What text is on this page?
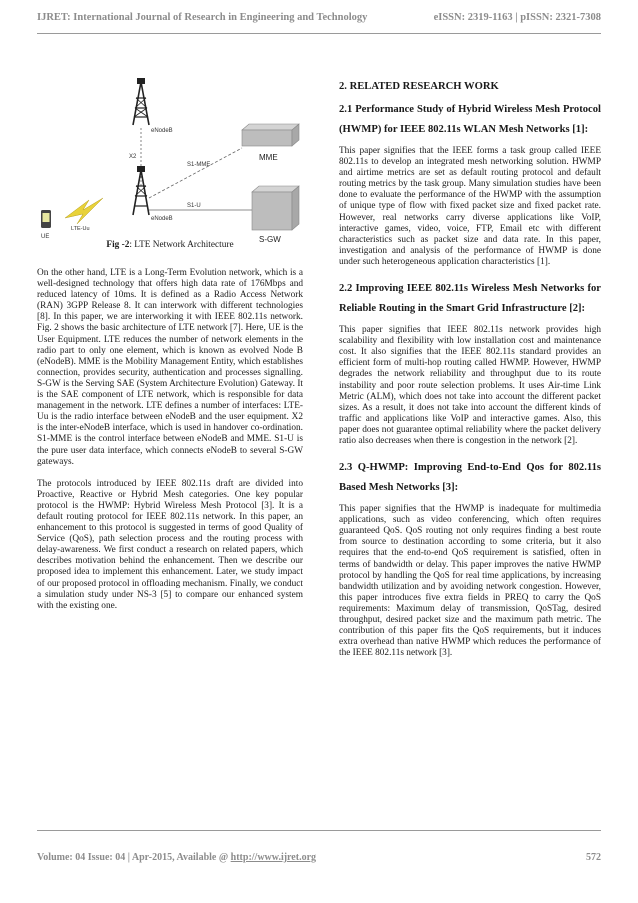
IJRET: International Journal of Research in Engineering and Technology	eISSN: 2319-1163 | pISSN: 2321-7308
eNodeB
X2
eNodeB
S1-MME
S1-U
MME
S-GW
UE
LTE-Uu
Fig -2: LTE Network Architecture

On the other hand, LTE is a Long-Term Evolution network, which is a well-designed technology that offers high data rate of 176Mbps and reduced latency of 10ms. It is defined as a Radio Access Network (RAN) 3GPP Release 8. It can interwork with different technologies [8]. In this paper, we are interworking it with IEEE 802.11s network. Fig. 2 shows the basic architecture of LTE network [7]. Here, UE is the User Equipment. LTE reduces the number of network elements in the radio part to only one element, which is known as evolved Node B (eNodeB). MME is the Mobility Management Entity, which establishes connection, provides security, authentication and processes signalling. S-GW is the Serving SAE (System Architecture Evolution) Gateway. It is the SAE component of LTE network, which is responsible for data management in the network. LTE defines a number of interfaces: LTE-Uu is the radio interface between eNodeB and the user equipment. X2 is the inter-eNodeB interface, which is used in handover co-ordination. S1-MME is the control interface between eNodeB and MME. S1-U is the pure user data interface, which connects eNodeB to several S-GW gateways.

The protocols introduced by IEEE 802.11s draft are divided into Proactive, Reactive or Hybrid Mesh categories. One key popular protocol is the HWMP: Hybrid Wireless Mesh Protocol [3]. It is a default routing protocol for IEEE 802.11s network. In this paper, an enhancement to this protocol is suggested in terms of good Quality of Service (QoS), path selection process and the routing process with delay-awareness. We first conduct a research on related papers, which describes motivation behind the enhancement. Then we describe our proposed idea to implement this enhancement. Later, we study impact of our proposed protocol in offloading mechanism. Finally, we conduct a simulation study under NS-3 [5] to compare our enhanced system with the existing one.

2. RELATED RESEARCH WORK
2.1 Performance Study of Hybrid Wireless Mesh Protocol (HWMP) for IEEE 802.11s WLAN Mesh Networks [1]:

This paper signifies that the IEEE forms a task group called IEEE 802.11s to develop an integrated mesh networking solution. HWMP and airtime metrics are set as default routing protocol and default routing metrics by the task group. Many simulation studies have been done to evaluate the performance of the HWMP with the assumption of unique type of flow with fixed packet size and fixed packet rate. However, real networks carry diverse applications like VoIP, interactive games, video, voice, FTP, Email etc with different characteristics such as packet size and data rate. In this paper, investigation and analysis of the performance of HWMP is done under such heterogeneous application characteristics [1].

2.2 Improving IEEE 802.11s Wireless Mesh Networks for Reliable Routing in the Smart Grid Infrastructure [2]:

This paper signifies that IEEE 802.11s network provides high scalability and flexibility with low installation cost and maintenance cost. It also signifies that the IEEE 802.11s standard provides an efficient form of multi-hop routing called HWMP. However, HWMP degrades the network reliability and throughput due to its route instability and poor route selection problems. It uses Air-time Link Metric (ALM), which does not take into account the different packet sizes. As a result, it does not take into account the different kinds of traffic and applications like VoIP and interactive games. Also, this paper does not guarantee optimal reliability where the packet delivery ratio also decreases when there is congestion in the network [2].

2.3 Q-HWMP: Improving End-to-End Qos for 802.11s Based Mesh Networks [3]:

This paper signifies that the HWMP is inadequate for multimedia applications, such as video conferencing, which often requires guaranteed QoS. QoS routing not only requires finding a best route from source to destination according to some criteria, but it also requires that the end-to-end QoS requirement is satisfied, often in terms of bandwidth or delay. This paper improves the native HWMP protocol by handling the QoS for real time applications, by increasing bandwidth utilization and by avoiding network congestion. However, this paper introduces five extra fields in PREQ to carry the QoS requirements: Maximum delay of transmission, QoSTag, desired throughput, desired packet size and the maximum path metric. The contribution of this paper fits the QoS requirements, but it induces extra overhead than native HWMP which reduces the performance of the IEEE 802.11s network [3].

Volume: 04 Issue: 04 | Apr-2015, Available @ http://www.ijret.org	572
